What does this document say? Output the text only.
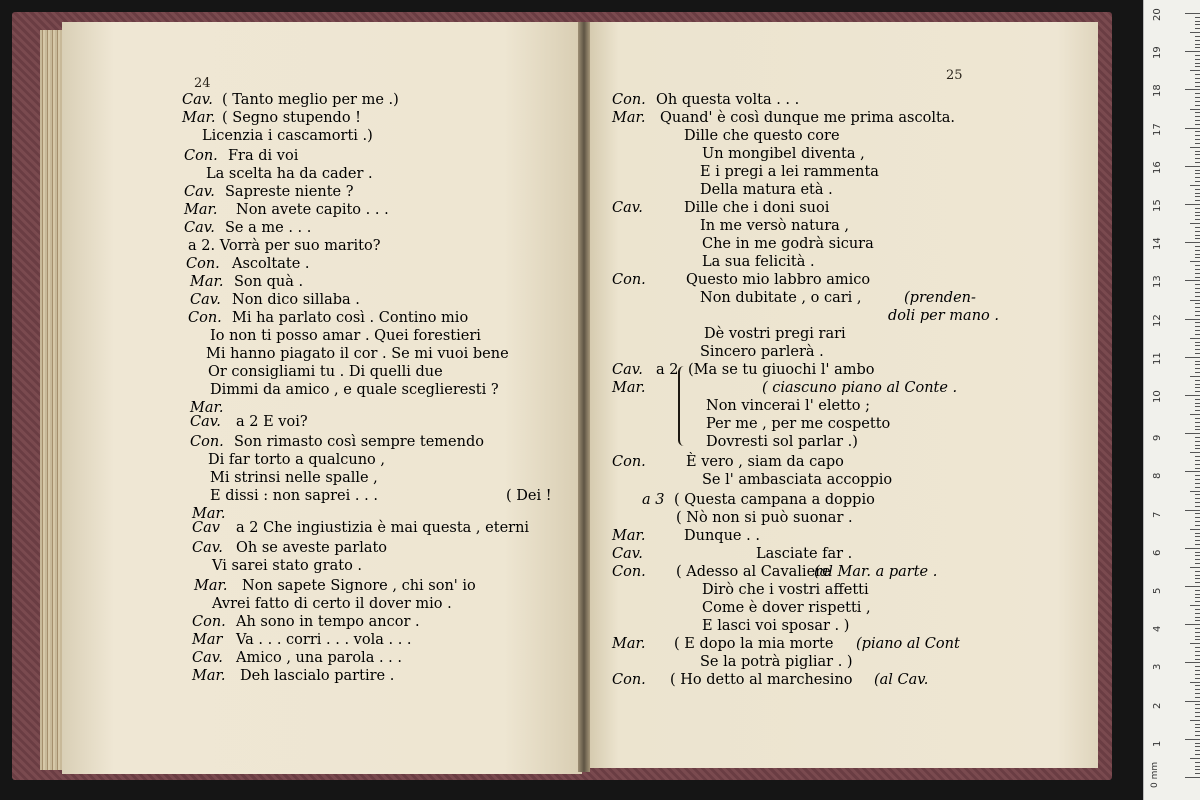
24
25
Cav. ( Tanto meglio per me .)
Mar. ( Segno stupendo !
Licenzia i cascamorti .)
Con. Fra di voi
La scelta ha da cader .
Cav. Sapreste niente ?
Mar. Non avete capito . . .
Cav. Se a me . . .
a 2. Vorrà per suo marito?
Con. Ascoltate .
Mar. Son quà .
Cav. Non dico sillaba .
Con. Mi ha parlato così . Contino mio
Io non ti posso amar . Quei forestieri
Mi hanno piagato il cor . Se mi vuoi bene
Or consigliami tu . Di quelli due
Dimmi da amico , e quale sceglieresti ?
Mar.
Cav. a 2 E voi?
Con. Son rimasto così sempre temendo
Di far torto a qualcuno ,
Mi strinsi nelle spalle ,
E dissi : non saprei . . .	( Dei !
Mar.
Cav a 2 Che ingiustizia è mai questa , eterni
Cav. Oh se aveste parlato
Vi sarei stato grato .
Mar. Non sapete Signore , chi son' io
Avrei fatto di certo il dover mio .
Con. Ah sono in tempo ancor .
Mar Va . . . corri . . . vola . . .
Cav. Amico , una parola . . .
Mar. Deh lascialo partire .
Con. Oh questa volta . . .
Mar. Quand' è così dunque me prima ascolta.
Dille che questo core
Un mongibel diventa ,
E i pregi a lei rammenta
Della matura età .
Cav.	Dille che i doni suoi
In me versò natura ,
Che in me godrà sicura
La sua felicità .
Con.	Questo mio labbro amico
Non dubitate , o cari ,	(prenden-
doli per mano .
Dè vostri pregi rari
Sincero parlerà .
Cav. a 2 (Ma se tu giuochi l' ambo
Mar.	( ciascuno piano al Conte .
Non vincerai l' eletto ;
Per me , per me cospetto
Dovresti sol parlar .)
Con.	È vero , siam da capo
Se l' ambasciata accoppio
a 3 ( Questa campana a doppio
( Nò non si può suonar .
Mar.	Dunque . .
Cav.	Lasciate far .
Con. ( Adesso al Cavaliere
(al Mar. a parte .
Dirò che i vostri affetti
Come è dover rispetti ,
E lasci voi sposar . )
Mar. ( E dopo la mia morte (piano al Cont
Se la potrà pigliar . )
Con. ( Ho detto al marchesino (al Cav.
20
19
18
17
16
15
14
13
12
11
10
9
8
7
6
5
4
3
2
1
0 mm
